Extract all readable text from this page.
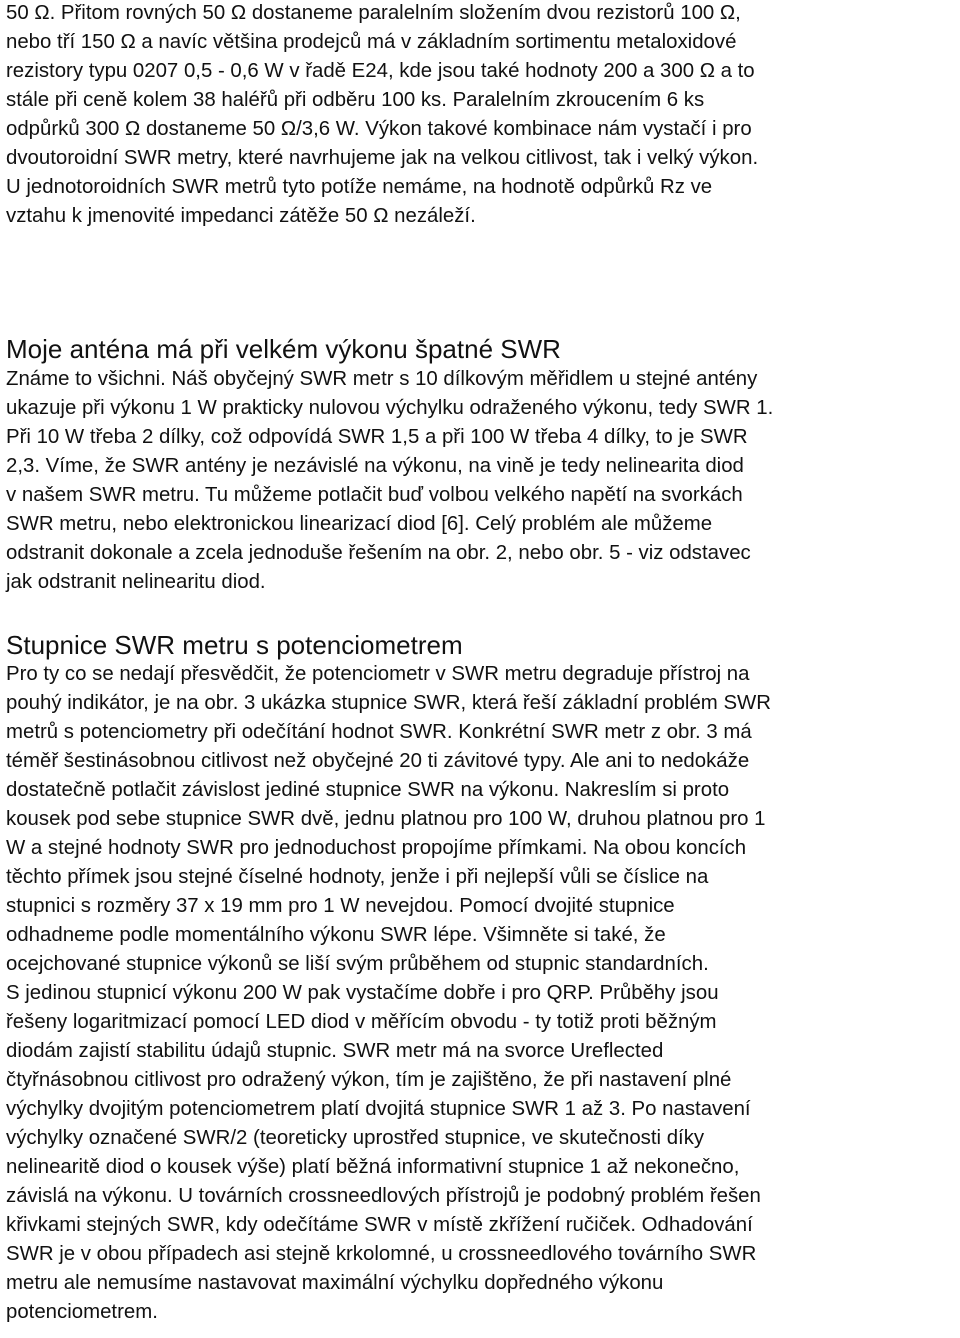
50 Ω. Přitom rovných 50 Ω dostaneme paralelním složením dvou rezistorů 100 Ω,
nebo tří 150 Ω a navíc většina prodejců má v základním sortimentu metaloxidové
rezistory typu 0207 0,5 - 0,6 W v řadě E24, kde jsou také hodnoty 200 a 300 Ω a to
stále při ceně kolem 38 haléřů při odběru 100 ks. Paralelním zkroucením 6 ks
odpůrků 300 Ω dostaneme 50 Ω/3,6 W. Výkon takové kombinace nám vystačí i pro
dvoutoroidní SWR metry, které navrhujeme jak na velkou citlivost, tak i velký výkon.
U jednotoroidních SWR metrů tyto potíže nemáme, na hodnotě odpůrků Rz ve
vztahu k jmenovité impedanci zátěže 50 Ω nezáleží.
Moje anténa má při velkém výkonu špatné SWR
Známe to všichni. Náš obyčejný SWR metr s 10 dílkovým měřidlem u stejné antény
ukazuje při výkonu 1 W prakticky nulovou výchylku odraženého výkonu, tedy SWR 1.
Při 10 W třeba 2 dílky, což odpovídá SWR 1,5 a při 100 W třeba 4 dílky, to je SWR
2,3. Víme, že SWR antény je nezávislé na výkonu, na vině je tedy nelinearita diod
v našem SWR metru. Tu můžeme potlačit buď volbou velkého napětí na svorkách
SWR metru, nebo elektronickou linearizací diod [6]. Celý problém ale můžeme
odstranit dokonale a zcela jednoduše řešením na obr. 2, nebo obr. 5 - viz odstavec
jak odstranit nelinearitu diod.
Stupnice SWR metru s potenciometrem
Pro ty co se nedají přesvědčit, že potenciometr v SWR metru degraduje přístroj na
pouhý indikátor, je na obr. 3 ukázka stupnice SWR, která řeší základní problém SWR
metrů s potenciometry při odečítání hodnot SWR. Konkrétní SWR metr z obr. 3 má
téměř šestinásobnou citlivost než obyčejné 20 ti závitové typy. Ale ani to nedokáže
dostatečně potlačit závislost jediné stupnice SWR na výkonu. Nakreslím si proto
kousek pod sebe stupnice SWR dvě, jednu platnou pro 100 W, druhou platnou pro 1
W a stejné hodnoty SWR pro jednoduchost propojíme přímkami. Na obou koncích
těchto přímek jsou stejné číselné hodnoty, jenže i při nejlepší vůli se číslice na
stupnici s rozměry 37 x 19 mm pro 1 W nevejdou. Pomocí dvojité stupnice
odhadneme podle momentálního výkonu SWR lépe. Všimněte si také, že
ocejchované stupnice výkonů se liší svým průběhem od stupnic standardních.
S jedinou stupnicí výkonu 200 W pak vystačíme dobře i pro QRP. Průběhy jsou
řešeny logaritmizací pomocí LED diod v měřícím obvodu - ty totiž proti běžným
diodám zajistí stabilitu údajů stupnic. SWR metr má na svorce Ureflected
čtyřnásobnou citlivost pro odražený výkon, tím je zajištěno, že při nastavení plné
výchylky dvojitým potenciometrem platí dvojitá stupnice SWR 1 až 3. Po nastavení
výchylky označené SWR/2 (teoreticky uprostřed stupnice, ve skutečnosti díky
nelinearitě diod o kousek výše) platí běžná informativní stupnice 1 až nekonečno,
závislá na výkonu. U továrních crossneedlových přístrojů je podobný problém řešen
křivkami stejných SWR, kdy odečítáme SWR v místě zkřížení ručiček. Odhadování
SWR je v obou případech asi stejně krkolomné, u crossneedlového továrního SWR
metru ale nemusíme nastavovat maximální výchylku dopředného výkonu
potenciometrem.
